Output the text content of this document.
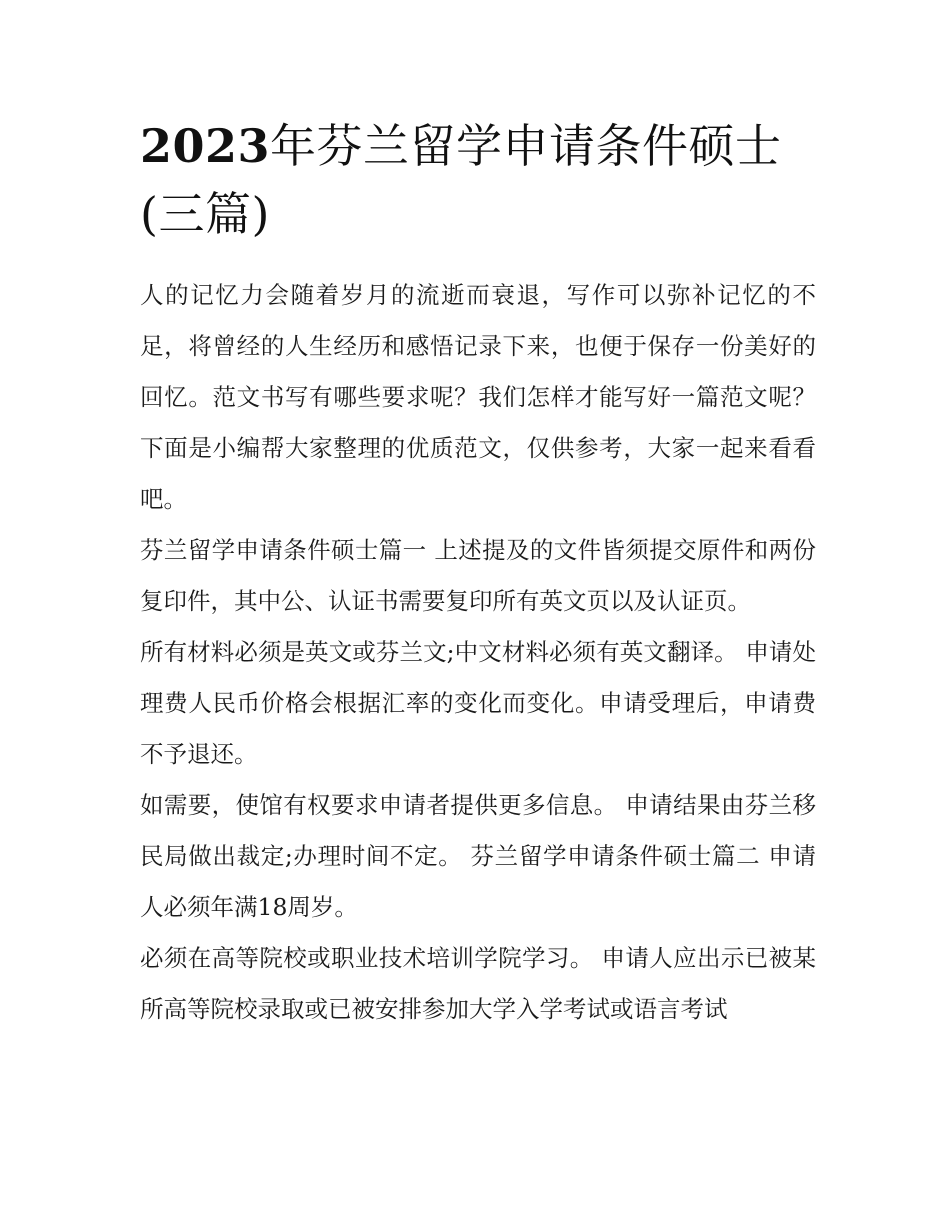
2023年芬兰留学申请条件硕士(三篇)

人的记忆力会随着岁月的流逝而衰退，写作可以弥补记忆的不足，将曾经的人生经历和感悟记录下来，也便于保存一份美好的回忆。范文书写有哪些要求呢？我们怎样才能写好一篇范文呢？下面是小编帮大家整理的优质范文，仅供参考，大家一起来看看吧。

芬兰留学申请条件硕士篇一 上述提及的文件皆须提交原件和两份复印件，其中公、认证书需要复印所有英文页以及认证页。

所有材料必须是英文或芬兰文;中文材料必须有英文翻译。 申请处理费人民币价格会根据汇率的变化而变化。申请受理后，申请费不予退还。

如需要，使馆有权要求申请者提供更多信息。 申请结果由芬兰移民局做出裁定;办理时间不定。 芬兰留学申请条件硕士篇二 申请人必须年满18周岁。

必须在高等院校或职业技术培训学院学习。 申请人应出示已被某所高等院校录取或已被安排参加大学入学考试或语言考试
